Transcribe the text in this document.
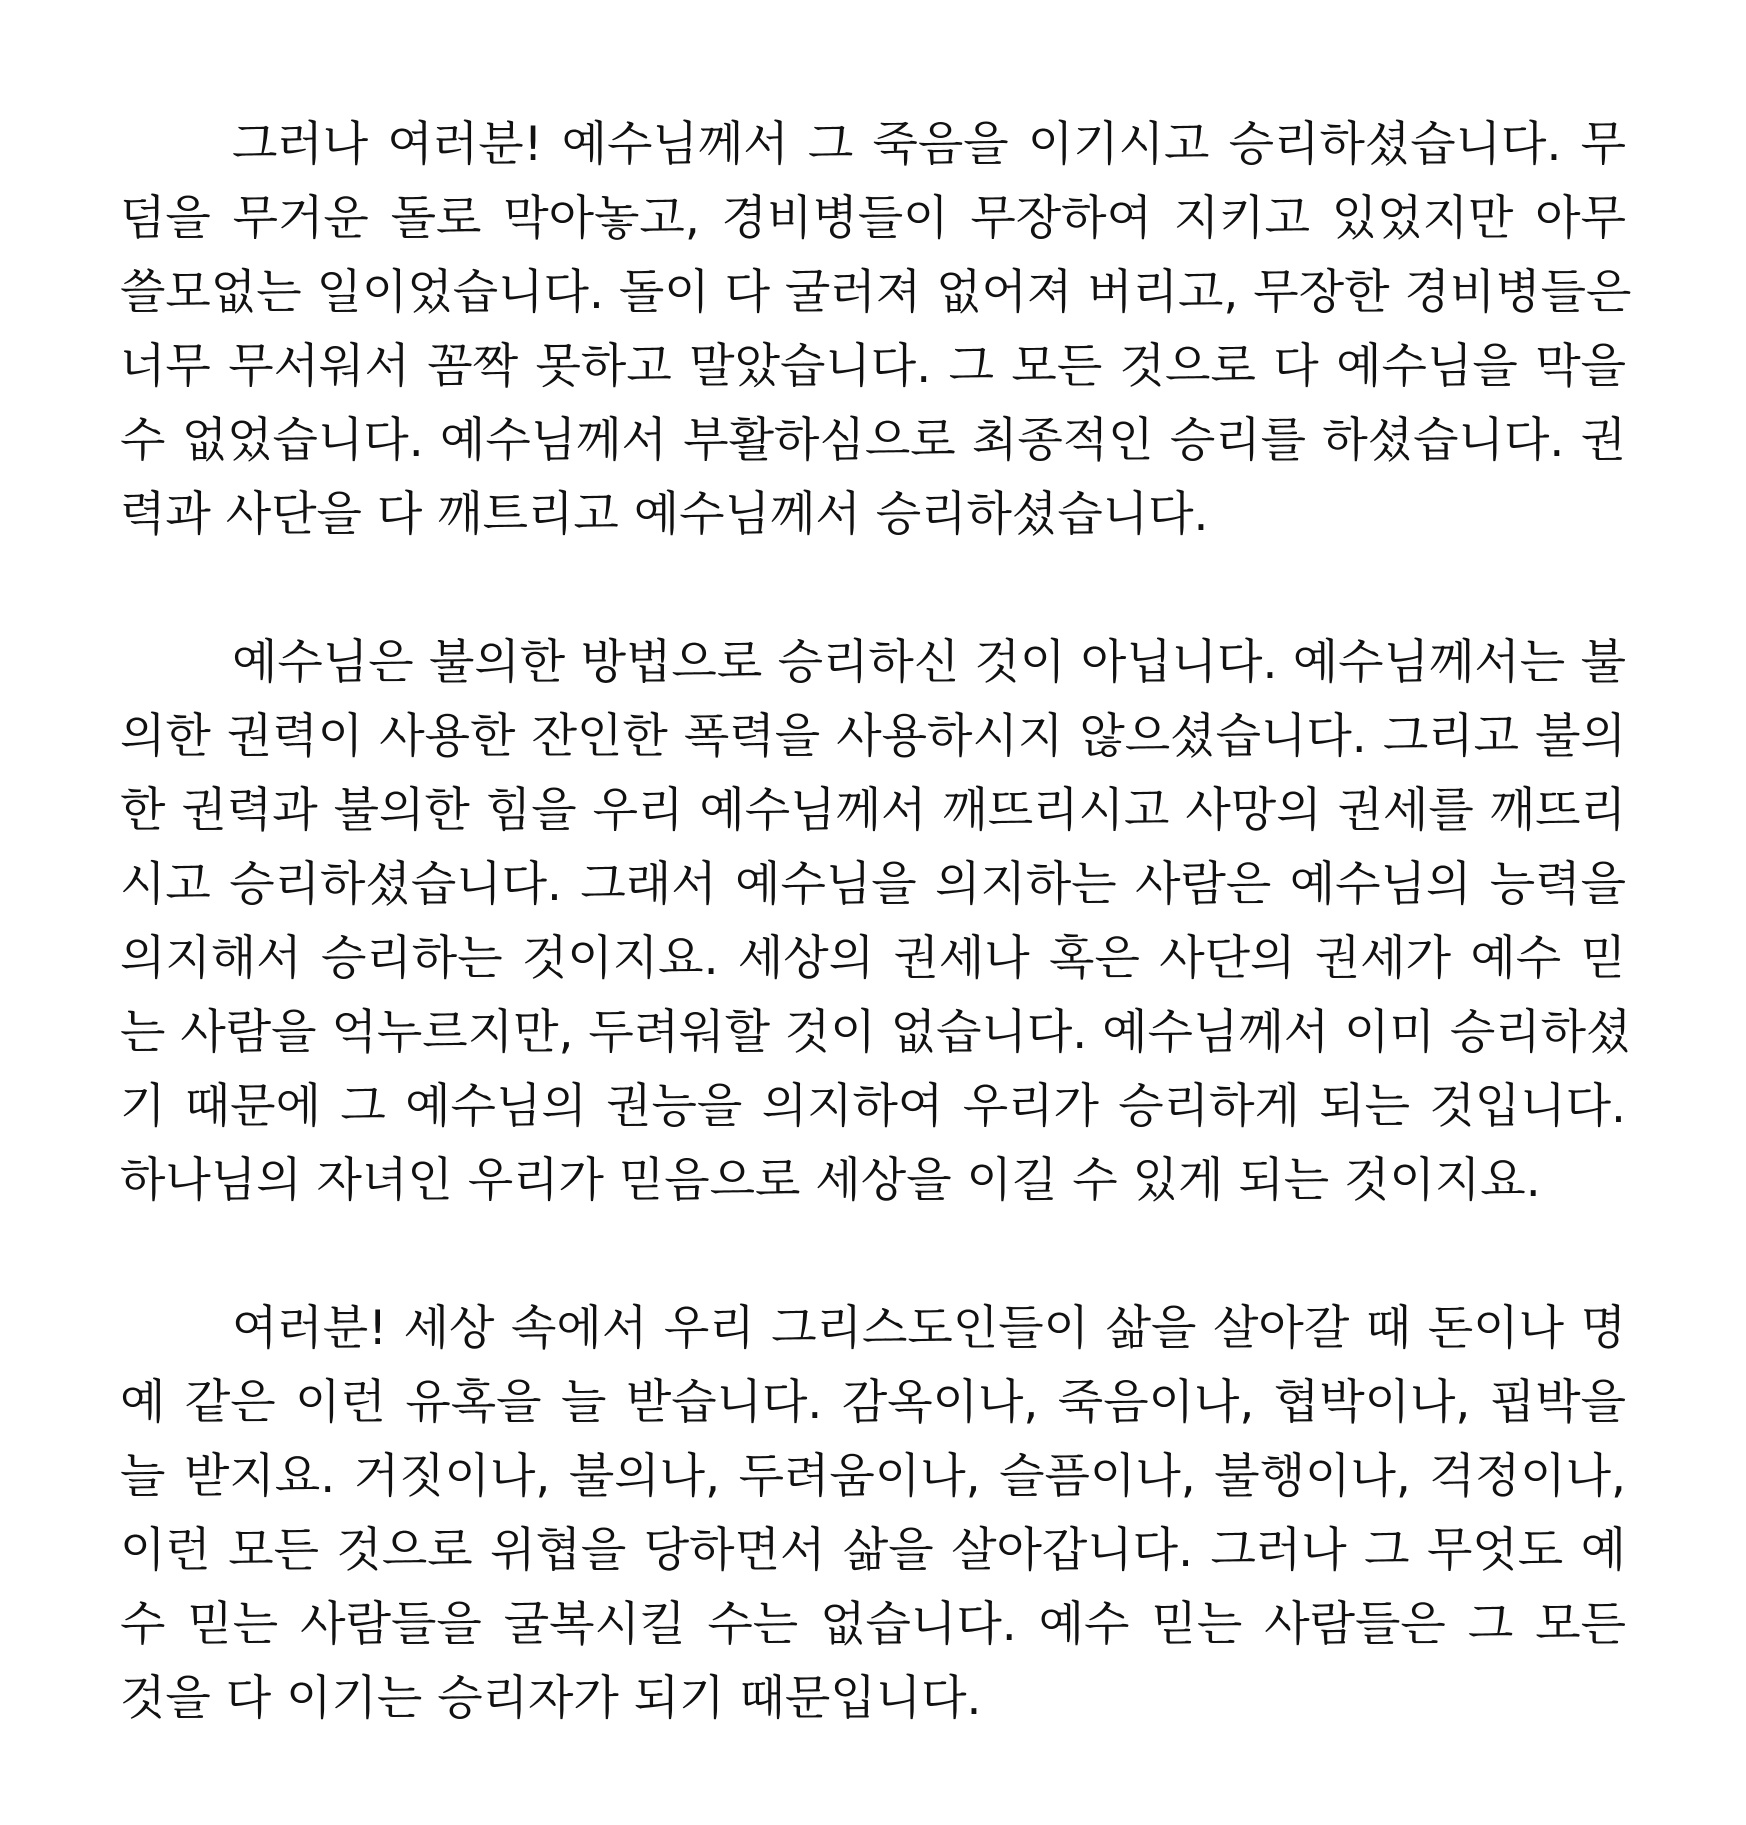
그러나 여러분! 예수님께서 그 죽음을 이기시고 승리하셨습니다. 무
덤을 무거운 돌로 막아놓고, 경비병들이 무장하여 지키고 있었지만 아무
쓸모없는 일이었습니다. 돌이 다 굴러져 없어져 버리고, 무장한 경비병들은
너무 무서워서 꼼짝 못하고 말았습니다. 그 모든 것으로 다 예수님을 막을
수 없었습니다. 예수님께서 부활하심으로 최종적인 승리를 하셨습니다. 권
력과 사단을 다 깨트리고 예수님께서 승리하셨습니다.
예수님은 불의한 방법으로 승리하신 것이 아닙니다. 예수님께서는 불
의한 권력이 사용한 잔인한 폭력을 사용하시지 않으셨습니다. 그리고 불의
한 권력과 불의한 힘을 우리 예수님께서 깨뜨리시고 사망의 권세를 깨뜨리
시고 승리하셨습니다. 그래서 예수님을 의지하는 사람은 예수님의 능력을
의지해서 승리하는 것이지요. 세상의 권세나 혹은 사단의 권세가 예수 믿
는 사람을 억누르지만, 두려워할 것이 없습니다. 예수님께서 이미 승리하셨
기 때문에 그 예수님의 권능을 의지하여 우리가 승리하게 되는 것입니다.
하나님의 자녀인 우리가 믿음으로 세상을 이길 수 있게 되는 것이지요.
여러분! 세상 속에서 우리 그리스도인들이 삶을 살아갈 때 돈이나 명
예 같은 이런 유혹을 늘 받습니다. 감옥이나, 죽음이나, 협박이나, 핍박을
늘 받지요. 거짓이나, 불의나, 두려움이나, 슬픔이나, 불행이나, 걱정이나,
이런 모든 것으로 위협을 당하면서 삶을 살아갑니다. 그러나 그 무엇도 예
수 믿는 사람들을 굴복시킬 수는 없습니다. 예수 믿는 사람들은 그 모든
것을 다 이기는 승리자가 되기 때문입니다.
